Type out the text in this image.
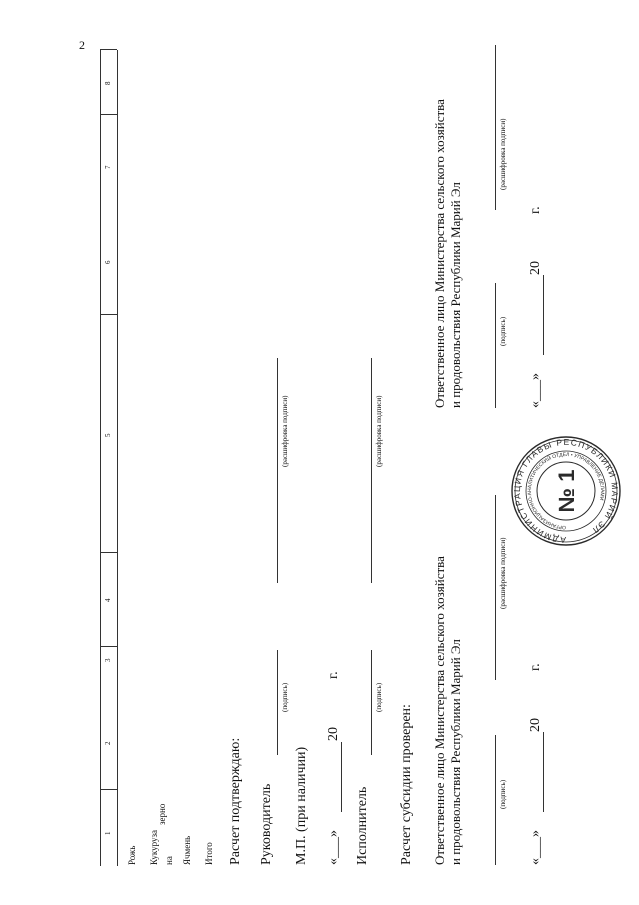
2
1
2
3
4
5
6
7
8
Рожь Кукуруза на
зерно
Ячмень Итого Расчет подтверждаю: Руководитель
(подпись)
(расшифровка подписи)
М.П. (при наличии) «___»
20
г.
Исполнитель
(подпись)
(расшифровка подписи)
Расчет субсидии проверен: Ответственное лицо Министерства сельского хозяйства и продовольствия Республики Марий Эл	(подпись)
(расшифровка подписи)
«___»
20
г.
Ответственное лицо Министерства сельского хозяйства и продовольствия Республики Марий Эл	(подпись)
(расшифровка подписи)
«___»
20
г.
АДМИНИСТРАЦИЯ ГЛАВЫ РЕСПУБЛИКИ МАРИЙ ЭЛ
ОРГАНИЗАЦИОННО-АНАЛИТИЧЕСКИЙ ОТДЕЛ • УПРАВЛЕНИЕ ДЕЛАМИ
№ 1
